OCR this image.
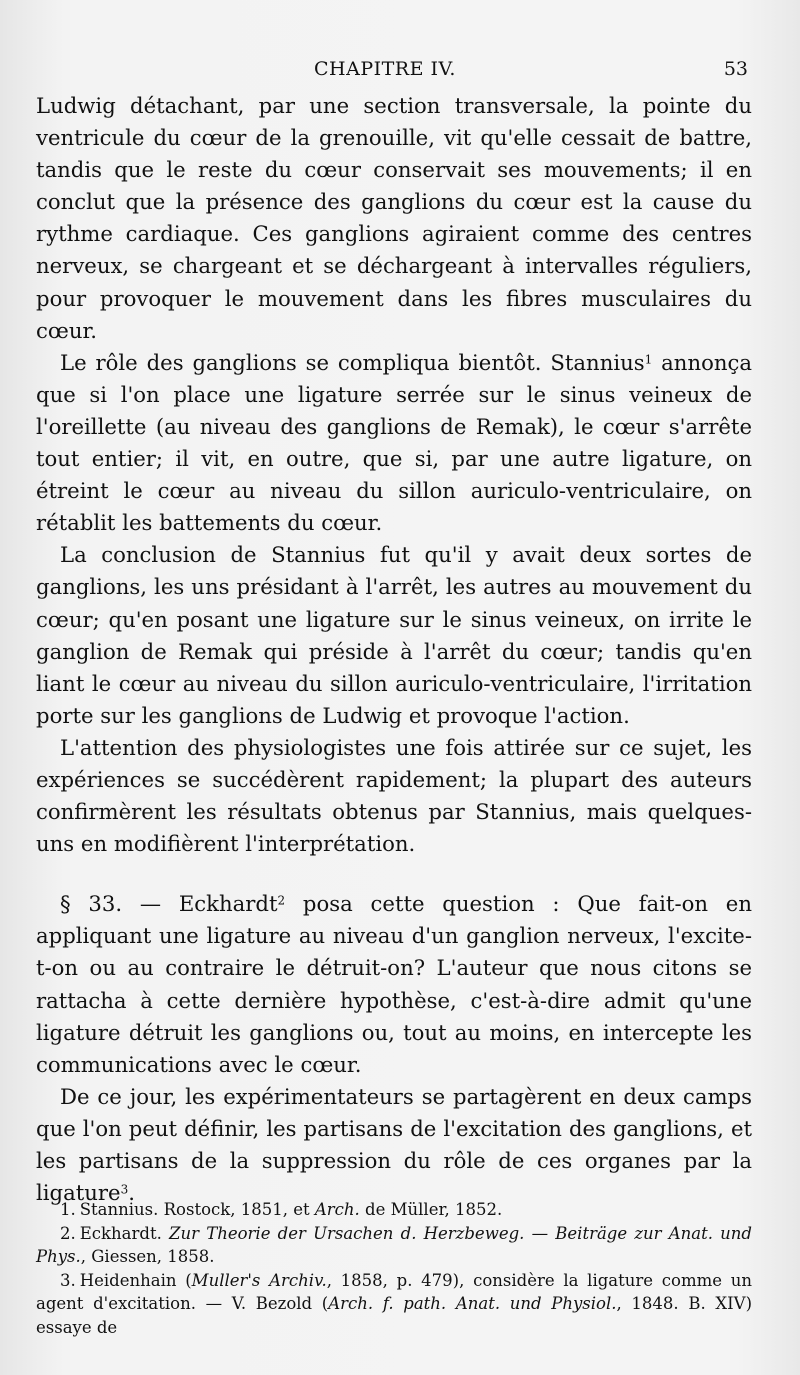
CHAPITRE IV.	53

Ludwig détachant, par une section transversale, la pointe du ventricule du cœur de la grenouille, vit qu'elle cessait de battre, tandis que le reste du cœur conservait ses mouvements; il en conclut que la présence des ganglions du cœur est la cause du rythme cardiaque. Ces ganglions agiraient comme des centres nerveux, se chargeant et se déchargeant à intervalles réguliers, pour provoquer le mouvement dans les fibres musculaires du cœur.

Le rôle des ganglions se compliqua bientôt. Stannius$^1$ annonça que si l'on place une ligature serrée sur le sinus veineux de l'oreillette (au niveau des ganglions de Remak), le cœur s'arrête tout entier; il vit, en outre, que si, par une autre ligature, on étreint le cœur au niveau du sillon auriculo-ventriculaire, on rétablit les battements du cœur.

La conclusion de Stannius fut qu'il y avait deux sortes de ganglions, les uns présidant à l'arrêt, les autres au mouvement du cœur; qu'en posant une ligature sur le sinus veineux, on irrite le ganglion de Remak qui préside à l'arrêt du cœur; tandis qu'en liant le cœur au niveau du sillon auriculo-ventriculaire, l'irritation porte sur les ganglions de Ludwig et provoque l'action.

L'attention des physiologistes une fois attirée sur ce sujet, les expériences se succédèrent rapidement; la plupart des auteurs confirmèrent les résultats obtenus par Stannius, mais quelques-uns en modifièrent l'interprétation.

§ 33. — Eckhardt$^2$ posa cette question : Que fait-on en appliquant une ligature au niveau d'un ganglion nerveux, l'excite-t-on ou au contraire le détruit-on? L'auteur que nous citons se rattacha à cette dernière hypothèse, c'est-à-dire admit qu'une ligature détruit les ganglions ou, tout au moins, en intercepte les communications avec le cœur.

De ce jour, les expérimentateurs se partagèrent en deux camps que l'on peut définir, les partisans de l'excitation des ganglions, et les partisans de la suppression du rôle de ces organes par la ligature$^3$.

1. Stannius. Rostock, 1851, et Arch. de Müller, 1852.

2. Eckhardt. Zur Theorie der Ursachen d. Herzbeweg. — Beiträge zur Anat. und Phys., Giessen, 1858.

3. Heidenhain (Muller's Archiv., 1858, p. 479), considère la ligature comme un agent d'excitation. — V. Bezold (Arch. f. path. Anat. und Physiol., 1848. B. XIV) essaye de
